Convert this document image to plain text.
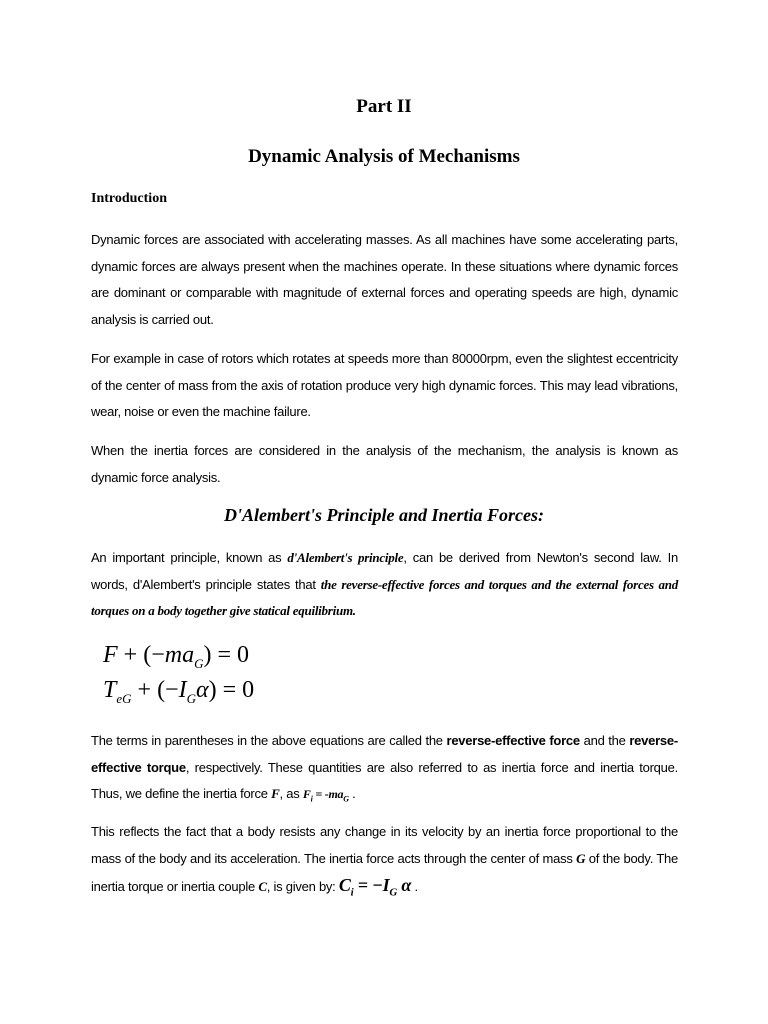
Part II
Dynamic Analysis of Mechanisms
Introduction
Dynamic forces are associated with accelerating masses. As all machines have some accelerating parts, dynamic forces are always present when the machines operate. In these situations where dynamic forces are dominant or comparable with magnitude of external forces and operating speeds are high, dynamic analysis is carried out.
For example in case of rotors which rotates at speeds more than 80000rpm, even the slightest eccentricity of the center of mass from the axis of rotation produce very high dynamic forces. This may lead vibrations, wear, noise or even the machine failure.
When the inertia forces are considered in the analysis of the mechanism, the analysis is known as dynamic force analysis.
D'Alembert's Principle and Inertia Forces:
An important principle, known as d'Alembert's principle, can be derived from Newton's second law. In words, d'Alembert's principle states that the reverse-effective forces and torques and the external forces and torques on a body together give statical equilibrium.
$F + (-ma_G) = 0$
$T_{eG} + (-I_G\alpha) = 0$
The terms in parentheses in the above equations are called the reverse-effective force and the reverse-effective torque, respectively. These quantities are also referred to as inertia force and inertia torque. Thus, we define the inertia force F, as $F_i = -ma_G$ .
This reflects the fact that a body resists any change in its velocity by an inertia force proportional to the mass of the body and its acceleration. The inertia force acts through the center of mass G of the body. The inertia torque or inertia couple C, is given by: $C_i = -I_G$ α .
